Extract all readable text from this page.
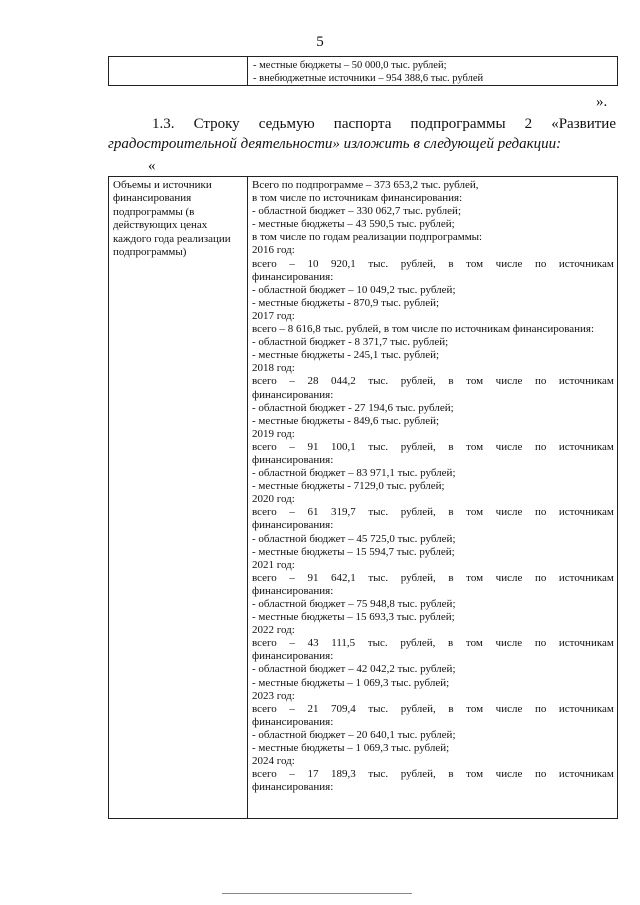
5
- местные бюджеты – 50 000,0 тыс. рублей;
- внебюджетные источники – 954 388,6 тыс. рублей
».
1.3. Строку седьмую паспорта подпрограммы 2 «Развитие
градостроительной деятельности» изложить в следующей редакции:
«
Объемы и источники финансирования подпрограммы (в действующих ценах каждого года реализации подпрограммы)
Всего по подпрограмме – 373 653,2 тыс. рублей,
в том числе по источникам финансирования:
- областной бюджет – 330 062,7 тыс. рублей;
- местные бюджеты – 43 590,5 тыс. рублей;
в том числе по годам реализации подпрограммы:
2016 год:
всего – 10 920,1 тыс. рублей, в том числе по источникам
финансирования:
- областной бюджет – 10 049,2 тыс. рублей;
- местные бюджеты - 870,9 тыс. рублей;
2017 год:
всего – 8 616,8 тыс. рублей, в том числе по источникам финансирования:
- областной бюджет - 8 371,7 тыс. рублей;
- местные бюджеты - 245,1 тыс. рублей;
2018 год:
всего – 28 044,2 тыс. рублей, в том числе по источникам
финансирования:
- областной бюджет - 27 194,6 тыс. рублей;
- местные бюджеты - 849,6 тыс. рублей;
2019 год:
всего – 91 100,1 тыс. рублей, в том числе по источникам
финансирования:
- областной бюджет – 83 971,1 тыс. рублей;
- местные бюджеты - 7129,0 тыс. рублей;
2020 год:
всего – 61 319,7 тыс. рублей, в том числе по источникам
финансирования:
- областной бюджет – 45 725,0 тыс. рублей;
- местные бюджеты – 15 594,7 тыс. рублей;
2021 год:
всего – 91 642,1 тыс. рублей, в том числе по источникам
финансирования:
- областной бюджет – 75 948,8 тыс. рублей;
- местные бюджеты – 15 693,3 тыс. рублей;
2022 год:
всего – 43 111,5 тыс. рублей, в том числе по источникам
финансирования:
- областной бюджет – 42 042,2 тыс. рублей;
- местные бюджеты – 1 069,3 тыс. рублей;
2023 год:
всего – 21 709,4 тыс. рублей, в том числе по источникам
финансирования:
- областной бюджет – 20 640,1 тыс. рублей;
- местные бюджеты – 1 069,3 тыс. рублей;
2024 год:
всего – 17 189,3 тыс. рублей, в том числе по источникам
финансирования:
